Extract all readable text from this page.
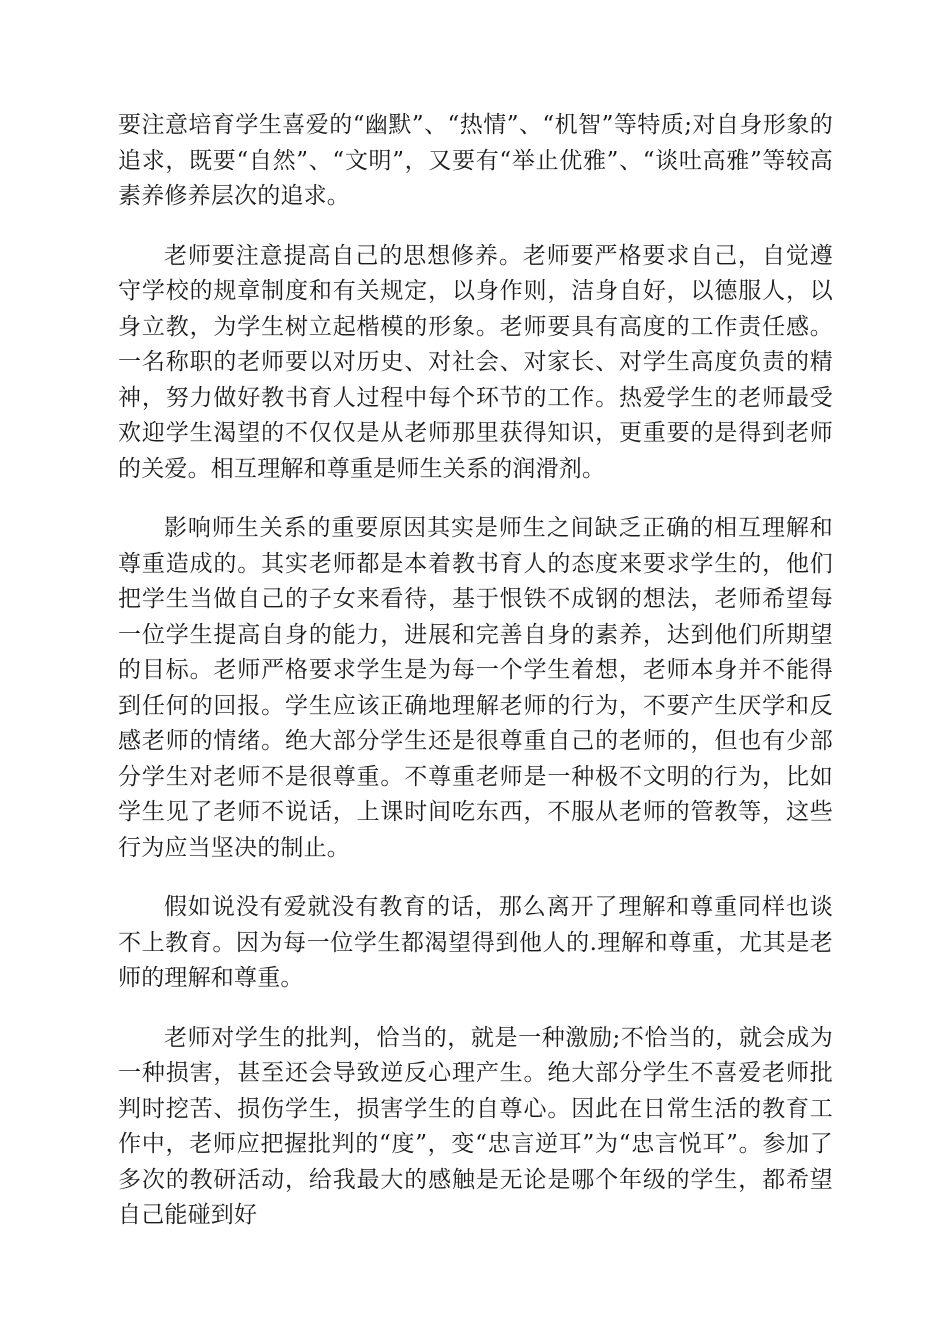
要注意培育学生喜爱的“幽默”、“热情”、“机智”等特质;对自身形象的追求，既要“自然”、“文明”，又要有“举止优雅”、“谈吐高雅”等较高素养修养层次的追求。

老师要注意提高自己的思想修养。老师要严格要求自己，自觉遵守学校的规章制度和有关规定，以身作则，洁身自好，以德服人，以身立教，为学生树立起楷模的形象。老师要具有高度的工作责任感。一名称职的老师要以对历史、对社会、对家长、对学生高度负责的精神，努力做好教书育人过程中每个环节的工作。热爱学生的老师最受欢迎学生渴望的不仅仅是从老师那里获得知识，更重要的是得到老师的关爱。相互理解和尊重是师生关系的润滑剂。

影响师生关系的重要原因其实是师生之间缺乏正确的相互理解和尊重造成的。其实老师都是本着教书育人的态度来要求学生的，他们把学生当做自己的子女来看待，基于恨铁不成钢的想法，老师希望每一位学生提高自身的能力，进展和完善自身的素养，达到他们所期望的目标。老师严格要求学生是为每一个学生着想，老师本身并不能得到任何的回报。学生应该正确地理解老师的行为，不要产生厌学和反感老师的情绪。绝大部分学生还是很尊重自己的老师的，但也有少部分学生对老师不是很尊重。不尊重老师是一种极不文明的行为，比如学生见了老师不说话，上课时间吃东西，不服从老师的管教等，这些行为应当坚决的制止。

假如说没有爱就没有教育的话，那么离开了理解和尊重同样也谈不上教育。因为每一位学生都渴望得到他人的.理解和尊重，尤其是老师的理解和尊重。

老师对学生的批判，恰当的，就是一种激励;不恰当的，就会成为一种损害，甚至还会导致逆反心理产生。绝大部分学生不喜爱老师批判时挖苦、损伤学生，损害学生的自尊心。因此在日常生活的教育工作中，老师应把握批判的“度”，变“忠言逆耳”为“忠言悦耳”。参加了多次的教研活动，给我最大的感触是无论是哪个年级的学生，都希望自己能碰到好
